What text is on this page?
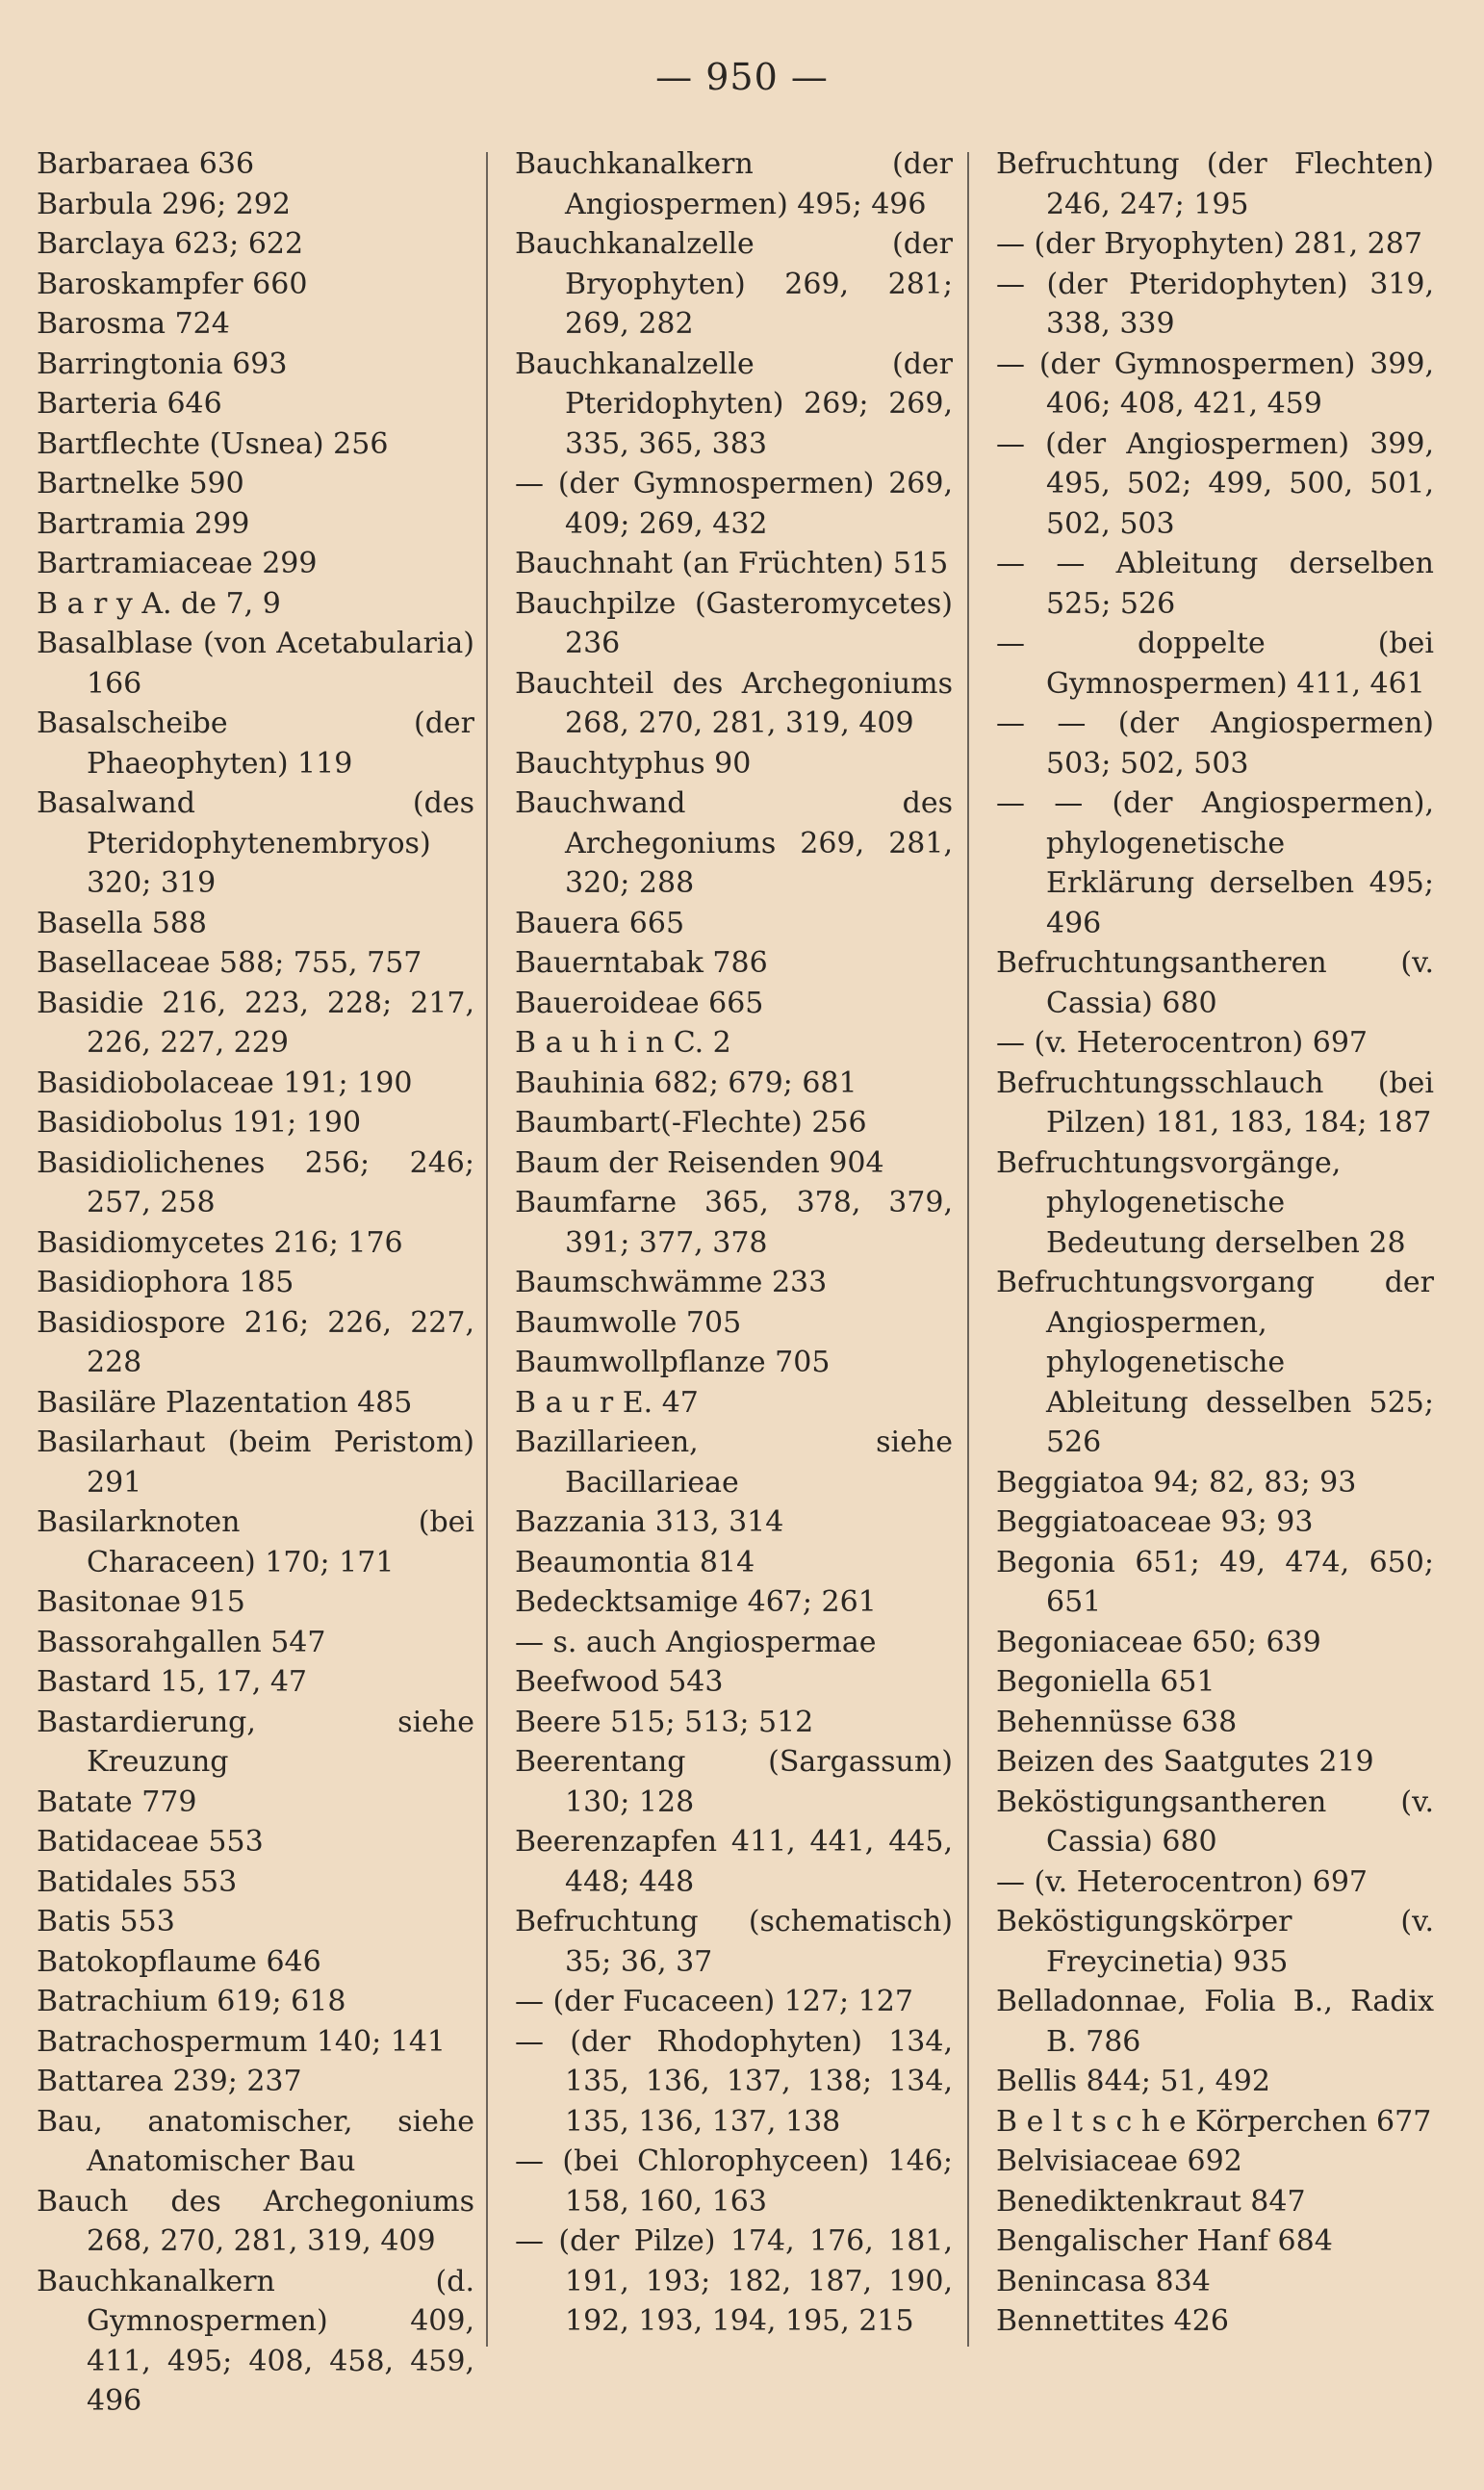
— 950 —
Barbaraea 636
Barbula 296; 292
Barclaya 623; 622
Baroskampfer 660
Barosma 724
Barringtonia 693
Barteria 646
Bartflechte (Usnea) 256
Bartnelke 590
Bartramia 299
Bartramiaceae 299
B a r y A. de 7, 9
Basalblase (von Acetabularia) 166
Basalscheibe (der Phaeophyten) 119
Basalwand (des Pteridophytenembryos) 320; 319
Basella 588
Basellaceae 588; 755, 757
Basidie 216, 223, 228; 217, 226, 227, 229
Basidiobolaceae 191; 190
Basidiobolus 191; 190
Basidiolichenes 256; 246; 257, 258
Basidiomycetes 216; 176
Basidiophora 185
Basidiospore 216; 226, 227, 228
Basiläre Plazentation 485
Basilarhaut (beim Peristom) 291
Basilarknoten (bei Characeen) 170; 171
Basitonae 915
Bassorahgallen 547
Bastard 15, 17, 47
Bastardierung, siehe Kreuzung
Batate 779
Batidaceae 553
Batidales 553
Batis 553
Batokopflaume 646
Batrachium 619; 618
Batrachospermum 140; 141
Battarea 239; 237
Bau, anatomischer, siehe Anatomischer Bau
Bauch des Archegoniums 268, 270, 281, 319, 409
Bauchkanalkern (d. Gymnospermen) 409, 411, 495; 408, 458, 459, 496
Bauchkanalkern (der Angiospermen) 495; 496
Bauchkanalzelle (der Bryophyten) 269, 281; 269, 282
Bauchkanalzelle (der Pteridophyten) 269; 269, 335, 365, 383
— (der Gymnospermen) 269, 409; 269, 432
Bauchnaht (an Früchten) 515
Bauchpilze (Gasteromycetes) 236
Bauchteil des Archegoniums 268, 270, 281, 319, 409
Bauchtyphus 90
Bauchwand des Archegoniums 269, 281, 320; 288
Bauera 665
Bauerntabak 786
Baueroideae 665
B a u h i n C. 2
Bauhinia 682; 679; 681
Baumbart(-Flechte) 256
Baum der Reisenden 904
Baumfarne 365, 378, 379, 391; 377, 378
Baumschwämme 233
Baumwolle 705
Baumwollpflanze 705
B a u r E. 47
Bazillarieen, siehe Bacillarieae
Bazzania 313, 314
Beaumontia 814
Bedecktsamige 467; 261
— s. auch Angiospermae
Beefwood 543
Beere 515; 513; 512
Beerentang (Sargassum) 130; 128
Beerenzapfen 411, 441, 445, 448; 448
Befruchtung (schematisch) 35; 36, 37
— (der Fucaceen) 127; 127
— (der Rhodophyten) 134, 135, 136, 137, 138; 134, 135, 136, 137, 138
— (bei Chlorophyceen) 146; 158, 160, 163
— (der Pilze) 174, 176, 181, 191, 193; 182, 187, 190, 192, 193, 194, 195, 215
Befruchtung (der Flechten) 246, 247; 195
— (der Bryophyten) 281, 287
— (der Pteridophyten) 319, 338, 339
— (der Gymnospermen) 399, 406; 408, 421, 459
— (der Angiospermen) 399, 495, 502; 499, 500, 501, 502, 503
— — Ableitung derselben 525; 526
— doppelte (bei Gymnospermen) 411, 461
— — (der Angiospermen) 503; 502, 503
— — (der Angiospermen), phylogenetische Erklärung derselben 495; 496
Befruchtungsantheren (v. Cassia) 680
— (v. Heterocentron) 697
Befruchtungsschlauch (bei Pilzen) 181, 183, 184; 187
Befruchtungsvorgänge, phylogenetische Bedeutung derselben 28
Befruchtungsvorgang der Angiospermen, phylogenetische Ableitung desselben 525; 526
Beggiatoa 94; 82, 83; 93
Beggiatoaceae 93; 93
Begonia 651; 49, 474, 650; 651
Begoniaceae 650; 639
Begoniella 651
Behennüsse 638
Beizen des Saatgutes 219
Beköstigungsantheren (v. Cassia) 680
— (v. Heterocentron) 697
Beköstigungskörper (v. Freycinetia) 935
Belladonnae, Folia B., Radix B. 786
Bellis 844; 51, 492
B e l t s c h e Körperchen 677
Belvisiaceae 692
Benediktenkraut 847
Bengalischer Hanf 684
Benincasa 834
Bennettites 426
